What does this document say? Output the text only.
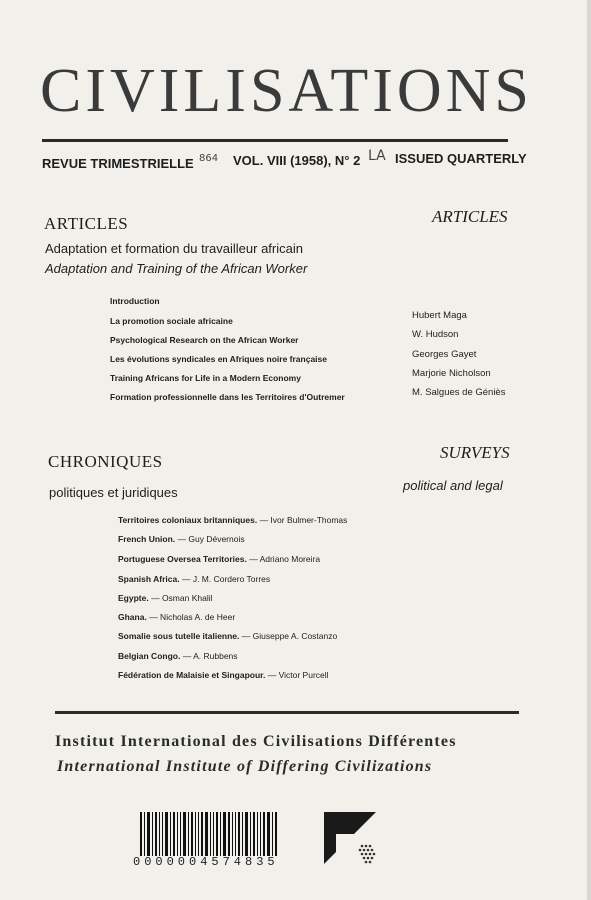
CIVILISATIONS
REVUE TRIMESTRIELLE 864 VOL. VIII (1958), N° 2 LA ISSUED QUARTERLY
ARTICLES	ARTICLES
Adaptation et formation du travailleur africain
Adaptation and Training of the African Worker
Introduction
La promotion sociale africaine	Hubert Maga
Psychological Research on the African Worker	W. Hudson
Les évolutions syndicales en Afriques noire française	Georges Gayet
Training Africans for Life in a Modern Economy	Marjorie Nicholson
Formation professionnelle dans les Territoires d'Outremer	M. Salgues de Géniès
CHRONIQUES	SURVEYS
politiques et juridiques	political and legal
Territoires coloniaux britanniques. — Ivor Bulmer-Thomas
French Union. — Guy Dévernois
Portuguese Oversea Territories. — Adriano Moreira
Spanish Africa. — J. M. Cordero Torres
Egypte. — Osman Khalil
Ghana. — Nicholas A. de Heer
Somalie sous tutelle italienne. — Giuseppe A. Costanzo
Belgian Congo. — A. Rubbens
Fédération de Malaisie et Singapour. — Victor Purcell
Institut International des Civilisations Différentes
International Institute of Differing Civilizations
0000004574835
